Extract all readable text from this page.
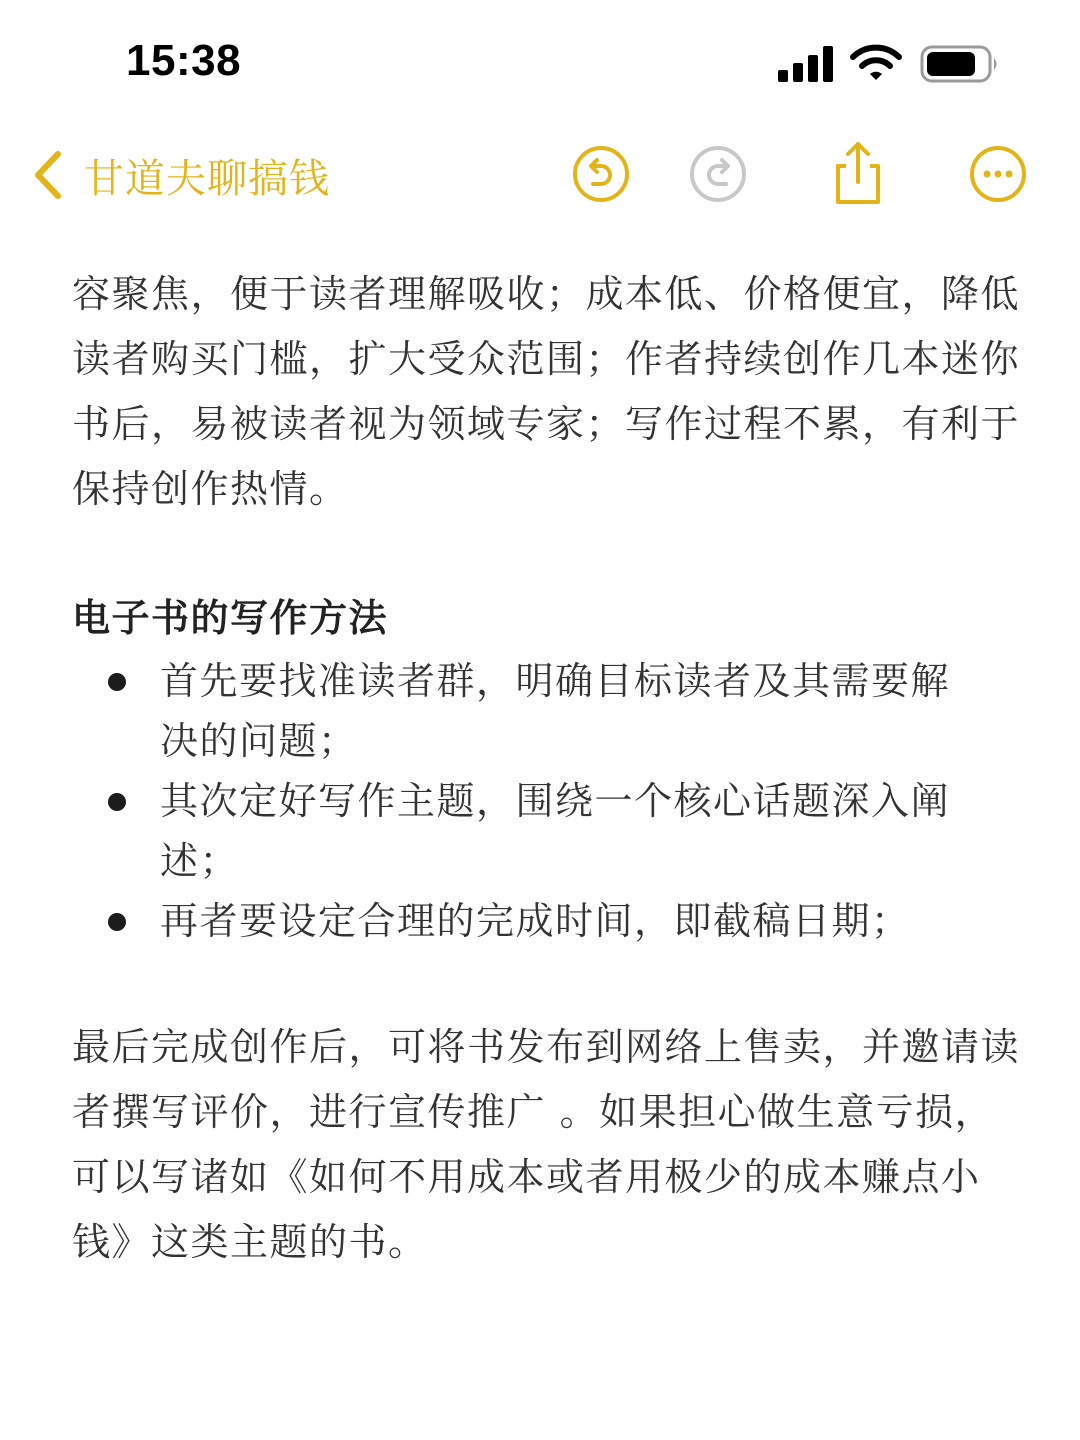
15:38
甘道夫聊搞钱

容聚焦，便于读者理解吸收；成本低、价格便宜，降低读者购买门槛，扩大受众范围；作者持续创作几本迷你书后，易被读者视为领域专家；写作过程不累，有利于保持创作热情。

电子书的写作方法

首先要找准读者群，明确目标读者及其需要解决的问题；
其次定好写作主题，围绕一个核心话题深入阐述；
再者要设定合理的完成时间，即截稿日期；

最后完成创作后，可将书发布到网络上售卖，并邀请读者撰写评价，进行宣传推广 。如果担心做生意亏损，可以写诸如《如何不用成本或者用极少的成本赚点小钱》这类主题的书。
